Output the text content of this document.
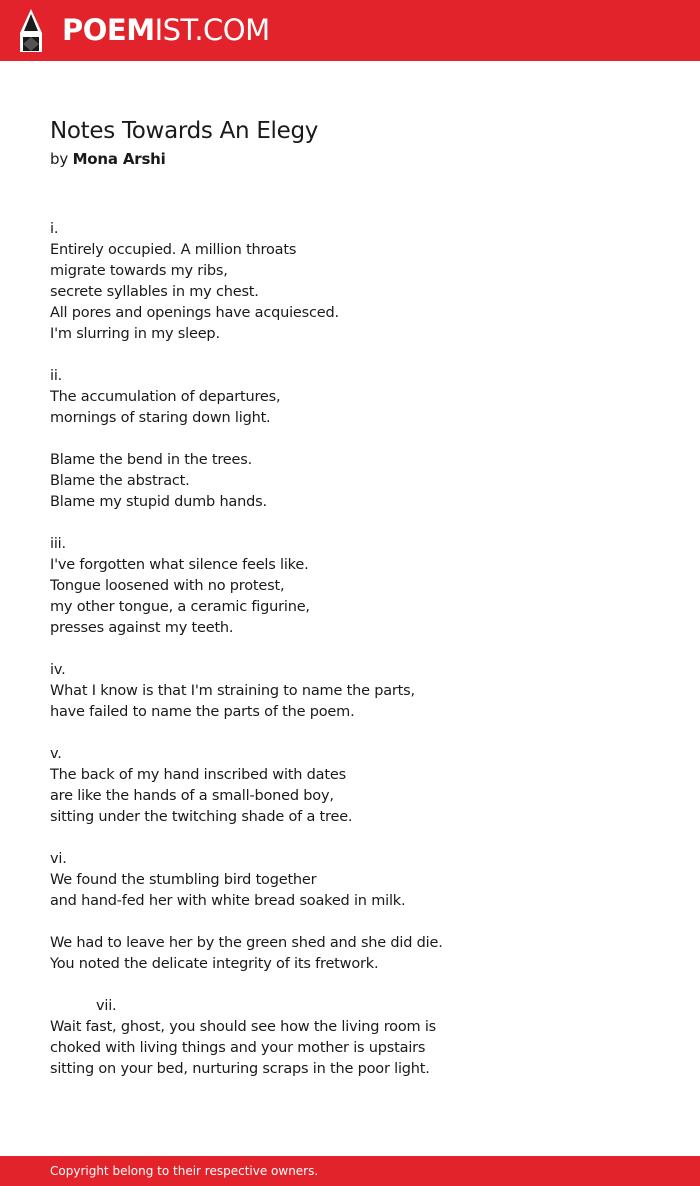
POEMIST.COM
Notes Towards An Elegy
by Mona Arshi
i.
Entirely occupied. A million throats
migrate towards my ribs,
secrete syllables in my chest.
All pores and openings have acquiesced.
I'm slurring in my sleep.
ii.
The accumulation of departures,
mornings of staring down light.
Blame the bend in the trees.
Blame the abstract.
Blame my stupid dumb hands.
iii.
I've forgotten what silence feels like.
Tongue loosened with no protest,
my other tongue, a ceramic figurine,
presses against my teeth.
iv.
What I know is that I'm straining to name the parts,
have failed to name the parts of the poem.
v.
The back of my hand inscribed with dates
are like the hands of a small-boned boy,
sitting under the twitching shade of a tree.
vi.
We found the stumbling bird together
and hand-fed her with white bread soaked in milk.
We had to leave her by the green shed and she did die.
You noted the delicate integrity of its fretwork.
vii.
Wait fast, ghost, you should see how the living room is
choked with living things and your mother is upstairs
sitting on your bed, nurturing scraps in the poor light.
Copyright belong to their respective owners.
